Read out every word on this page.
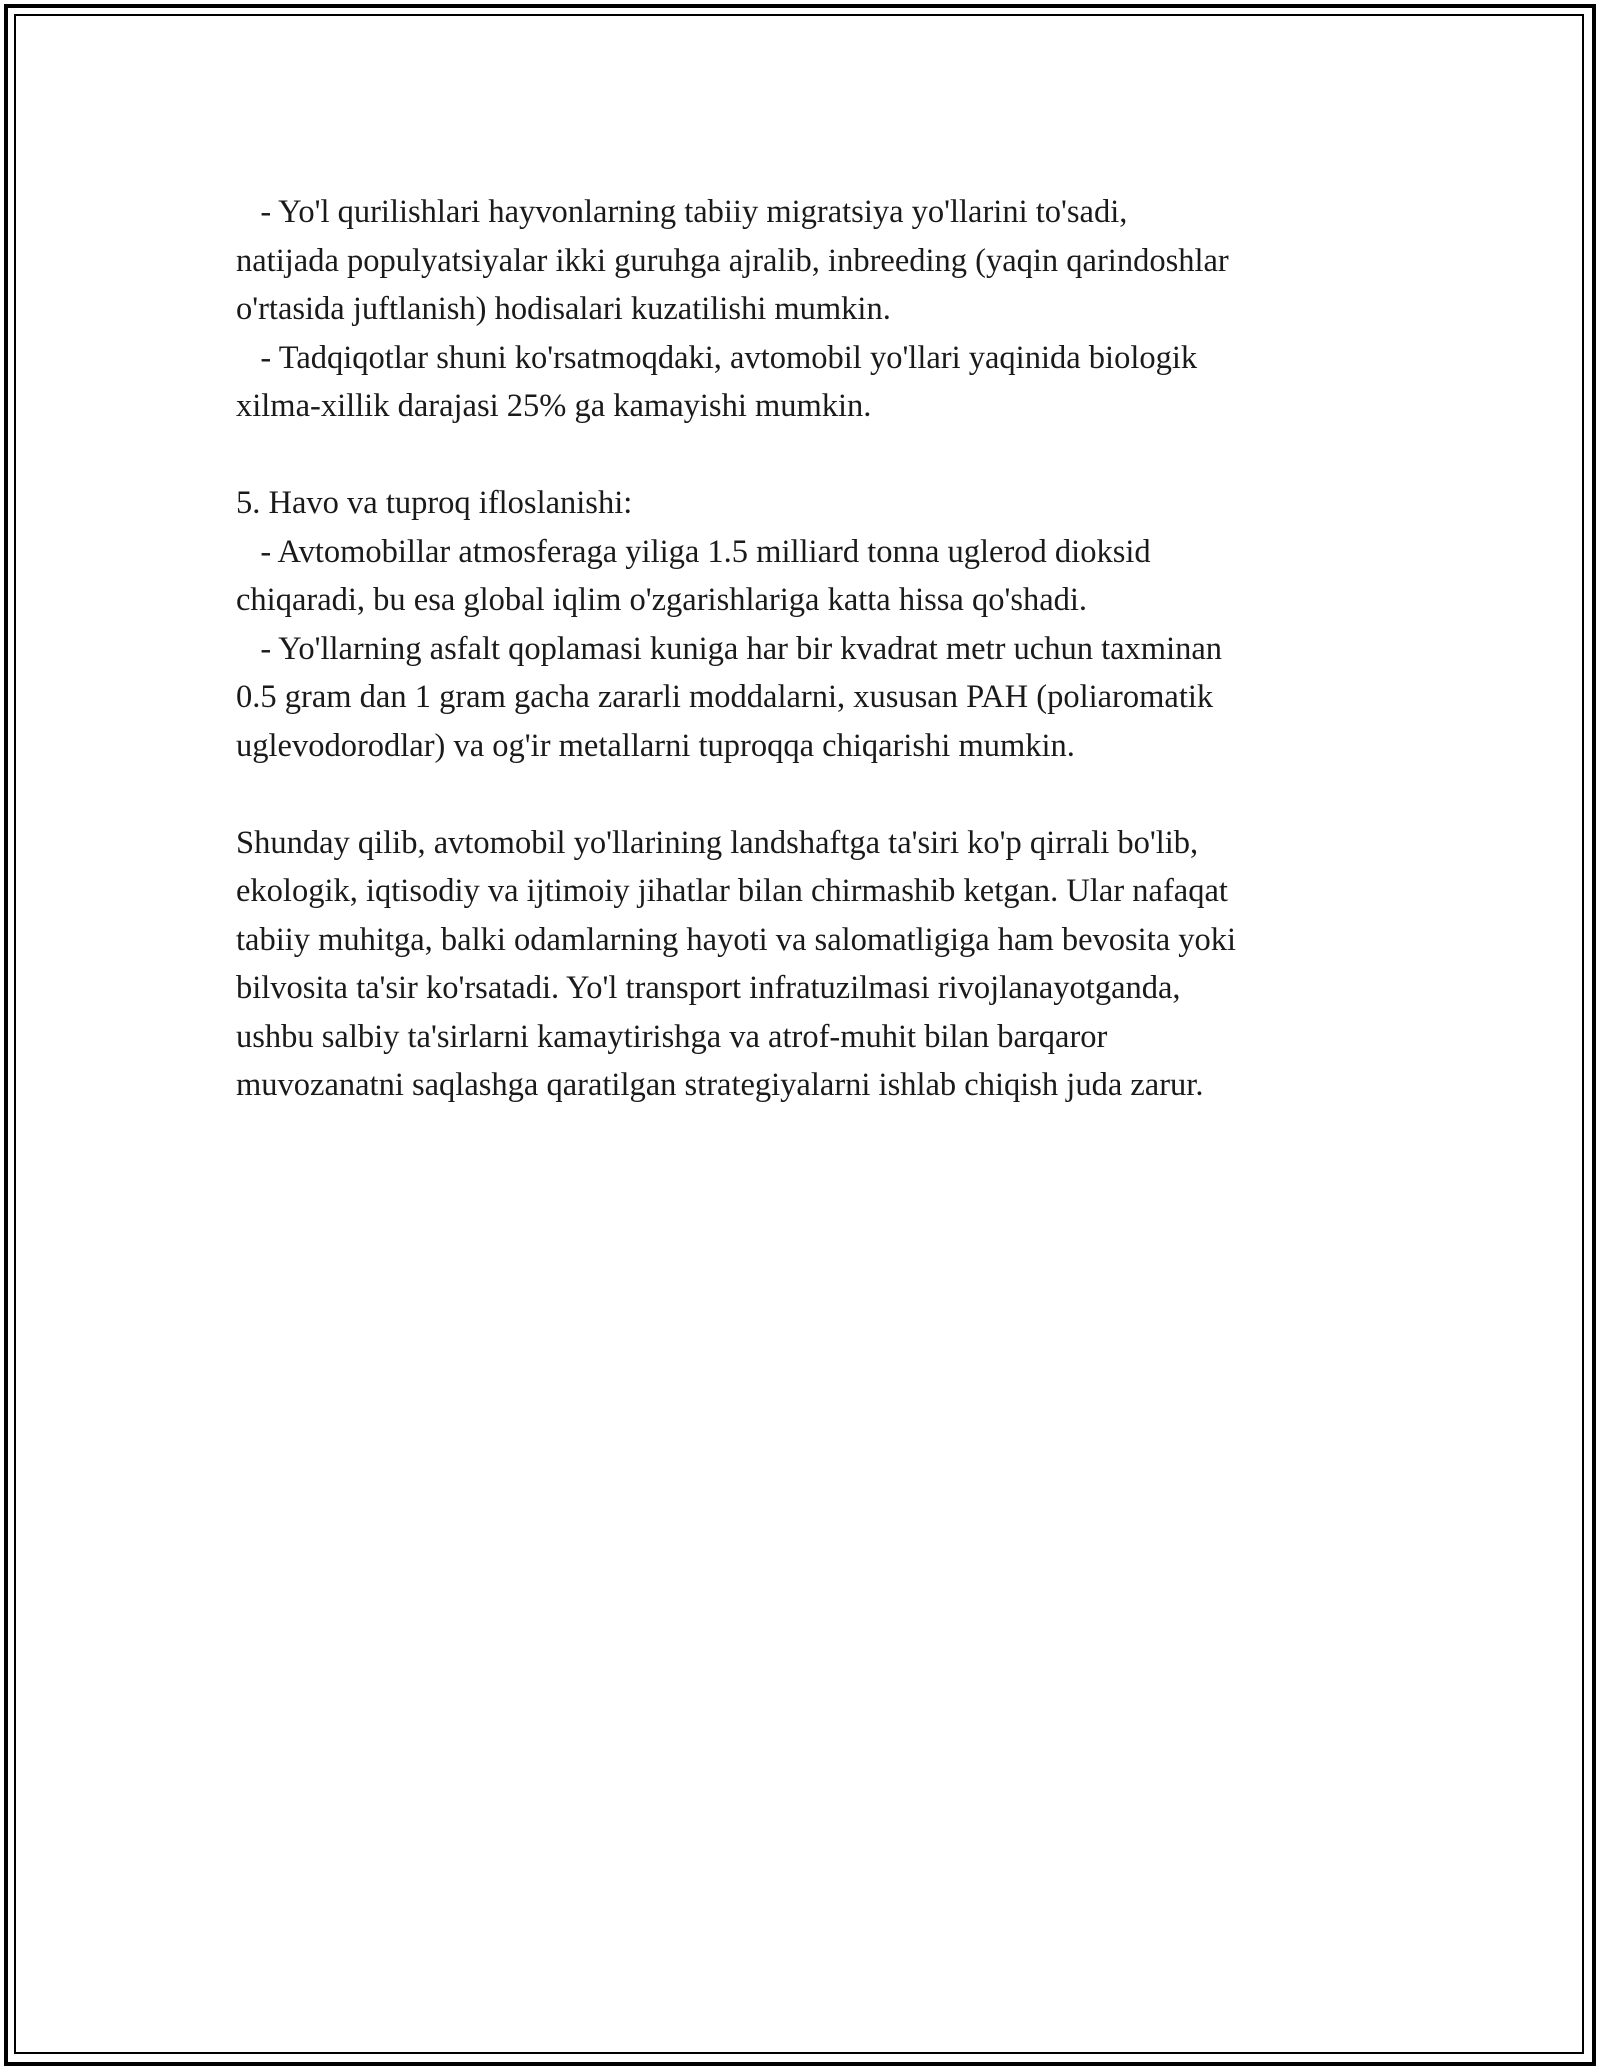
- Yo'l qurilishlari hayvonlarning tabiiy migratsiya yo'llarini to'sadi,
natijada populyatsiyalar ikki guruhga ajralib, inbreeding (yaqin qarindoshlar
o'rtasida juftlanish) hodisalari kuzatilishi mumkin.
- Tadqiqotlar shuni ko'rsatmoqdaki, avtomobil yo'llari yaqinida biologik
xilma-xillik darajasi 25% ga kamayishi mumkin.
5. Havo va tuproq ifloslanishi:
- Avtomobillar atmosferaga yiliga 1.5 milliard tonna uglerod dioksid
chiqaradi, bu esa global iqlim o'zgarishlariga katta hissa qo'shadi.
- Yo'llarning asfalt qoplamasi kuniga har bir kvadrat metr uchun taxminan
0.5 gram dan 1 gram gacha zararli moddalarni, xususan PAH (poliaromatik
uglevodorodlar) va og'ir metallarni tuproqqa chiqarishi mumkin.
Shunday qilib, avtomobil yo'llarining landshaftga ta'siri ko'p qirrali bo'lib,
ekologik, iqtisodiy va ijtimoiy jihatlar bilan chirmashib ketgan. Ular nafaqat
tabiiy muhitga, balki odamlarning hayoti va salomatligiga ham bevosita yoki
bilvosita ta'sir ko'rsatadi. Yo'l transport infratuzilmasi rivojlanayotganda,
ushbu salbiy ta'sirlarni kamaytirishga va atrof-muhit bilan barqaror
muvozanatni saqlashga qaratilgan strategiyalarni ishlab chiqish juda zarur.
